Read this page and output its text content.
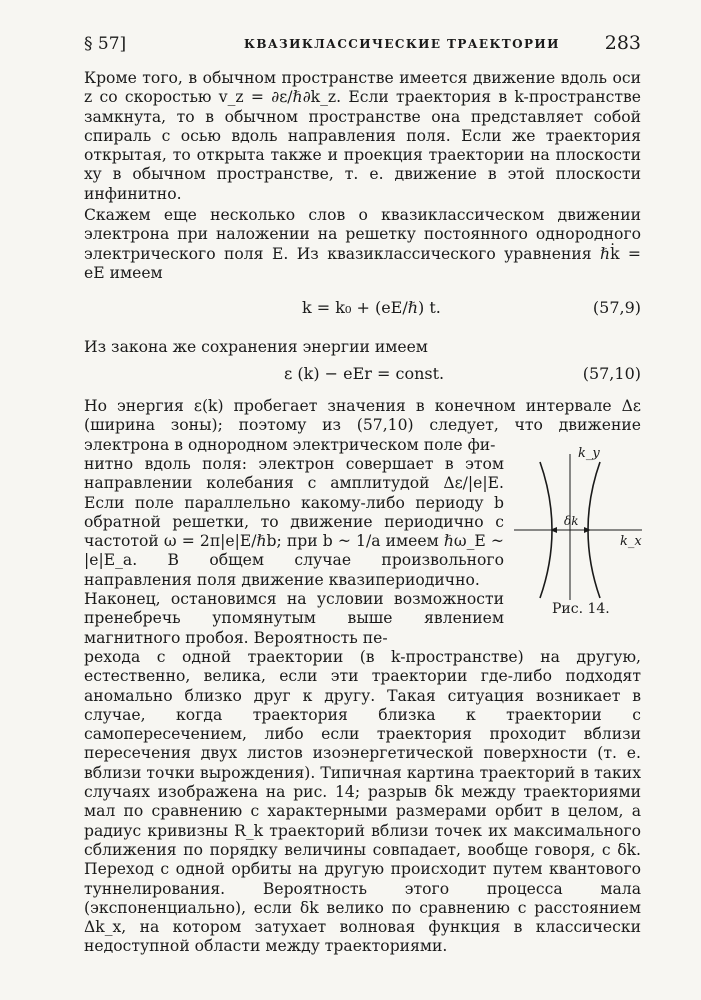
§ 57]	КВАЗИКЛАССИЧЕСКИЕ ТРАЕКТОРИИ 283
Кроме того, в обычном пространстве имеется движение вдоль оси z со скоростью v_z = ∂ε/ℏ∂k_z. Если траектория в k-пространстве замкнута, то в обычном пространстве она представляет собой спираль с осью вдоль направления поля. Если же траектория открытая, то открыта также и проекция траектории на плоскости xy в обычном пространстве, т. е. движение в этой плоскости инфинитно.
Скажем еще несколько слов о квазиклассическом движении электрона при наложении на решетку постоянного однородного электрического поля E. Из квазиклассического уравнения ℏk̇ = eE имеем
k = k₀ + (eE/ℏ) t.	(57,9)
Из закона же сохранения энергии имеем
ε (k) − eEr = const.	(57,10)
Но энергия ε(k) пробегает значения в конечном интервале Δε (ширина зоны); поэтому из (57,10) следует, что движение электрона в однородном электрическом поле фи-
нитно вдоль поля: электрон совершает в этом направлении колебания с амплитудой Δε/|e|E. Если поле параллельно какому-либо периоду b обратной решетки, то движение периодично с частотой ω = 2π|e|E/ℏb; при b ~ 1/a имеем ℏω_E ~ |e|E_a. В общем случае произвольного направления поля движение квазипериодично.
Наконец, остановимся на условии возможности пренебречь упомянутым выше явлением магнитного пробоя. Вероятность пе-
рехода с одной траектории (в k-пространстве) на другую, естественно, велика, если эти траектории где-либо подходят аномально близко друг к другу. Такая ситуация возникает в случае, когда траектория близка к траектории с самопересечением, либо если траектория проходит вблизи пересечения двух листов изоэнергетической поверхности (т. е. вблизи точки вырождения). Типичная картина траекторий в таких случаях изображена на рис. 14; разрыв δk между траекториями мал по сравнению с характерными размерами орбит в целом, а радиус кривизны R_k траекторий вблизи точек их максимального сближения по порядку величины совпадает, вообще говоря, с δk. Переход с одной орбиты на другую происходит путем квантового туннелирования. Вероятность этого процесса мала (экспоненциально), если δk велико по сравнению с расстоянием Δk_x, на котором затухает волновая функция в классически недоступной области между траекториями.
k_y
δk
k_x
Рис. 14.
